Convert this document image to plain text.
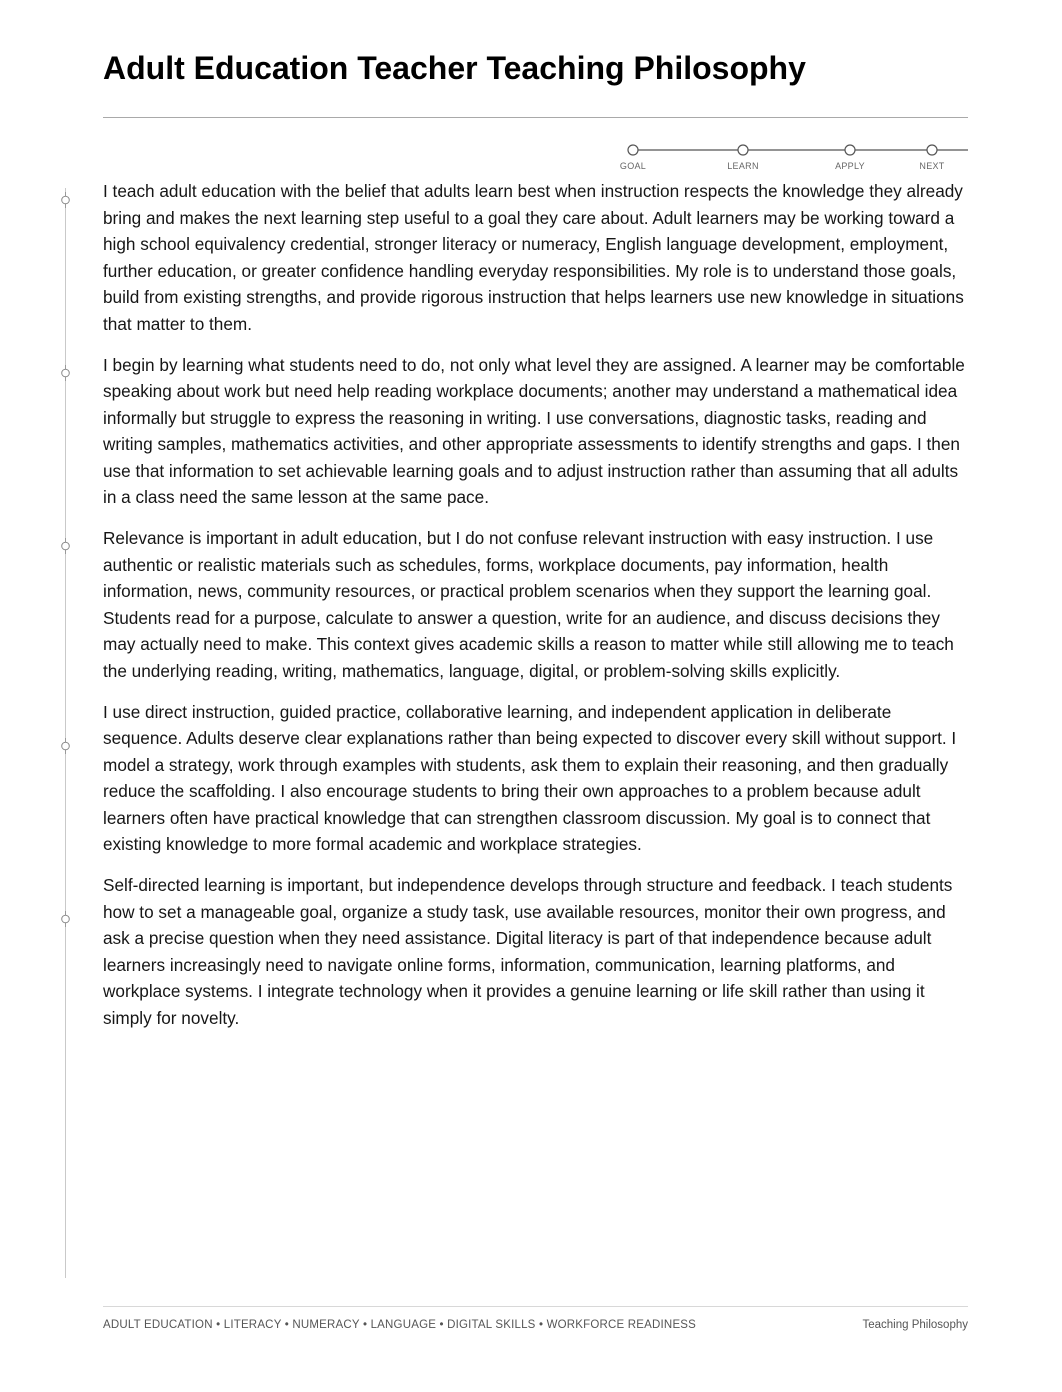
Adult Education Teacher Teaching Philosophy
GOAL	LEARN	APPLY	NEXT

I teach adult education with the belief that adults learn best when instruction respects the knowledge they already bring and makes the next learning step useful to a goal they care about. Adult learners may be working toward a high school equivalency credential, stronger literacy or numeracy, English language development, employment, further education, or greater confidence handling everyday responsibilities. My role is to understand those goals, build from existing strengths, and provide rigorous instruction that helps learners use new knowledge in situations that matter to them.

I begin by learning what students need to do, not only what level they are assigned. A learner may be comfortable speaking about work but need help reading workplace documents; another may understand a mathematical idea informally but struggle to express the reasoning in writing. I use conversations, diagnostic tasks, reading and writing samples, mathematics activities, and other appropriate assessments to identify strengths and gaps. I then use that information to set achievable learning goals and to adjust instruction rather than assuming that all adults in a class need the same lesson at the same pace.

Relevance is important in adult education, but I do not confuse relevant instruction with easy instruction. I use authentic or realistic materials such as schedules, forms, workplace documents, pay information, health information, news, community resources, or practical problem scenarios when they support the learning goal. Students read for a purpose, calculate to answer a question, write for an audience, and discuss decisions they may actually need to make. This context gives academic skills a reason to matter while still allowing me to teach the underlying reading, writing, mathematics, language, digital, or problem-solving skills explicitly.

I use direct instruction, guided practice, collaborative learning, and independent application in deliberate sequence. Adults deserve clear explanations rather than being expected to discover every skill without support. I model a strategy, work through examples with students, ask them to explain their reasoning, and then gradually reduce the scaffolding. I also encourage students to bring their own approaches to a problem because adult learners often have practical knowledge that can strengthen classroom discussion. My goal is to connect that existing knowledge to more formal academic and workplace strategies.

Self-directed learning is important, but independence develops through structure and feedback. I teach students how to set a manageable goal, organize a study task, use available resources, monitor their own progress, and ask a precise question when they need assistance. Digital literacy is part of that independence because adult learners increasingly need to navigate online forms, information, communication, learning platforms, and workplace systems. I integrate technology when it provides a genuine learning or life skill rather than using it simply for novelty.

ADULT EDUCATION • LITERACY • NUMERACY • LANGUAGE • DIGITAL SKILLS • WORKFORCE READINESS	Teaching Philosophy
